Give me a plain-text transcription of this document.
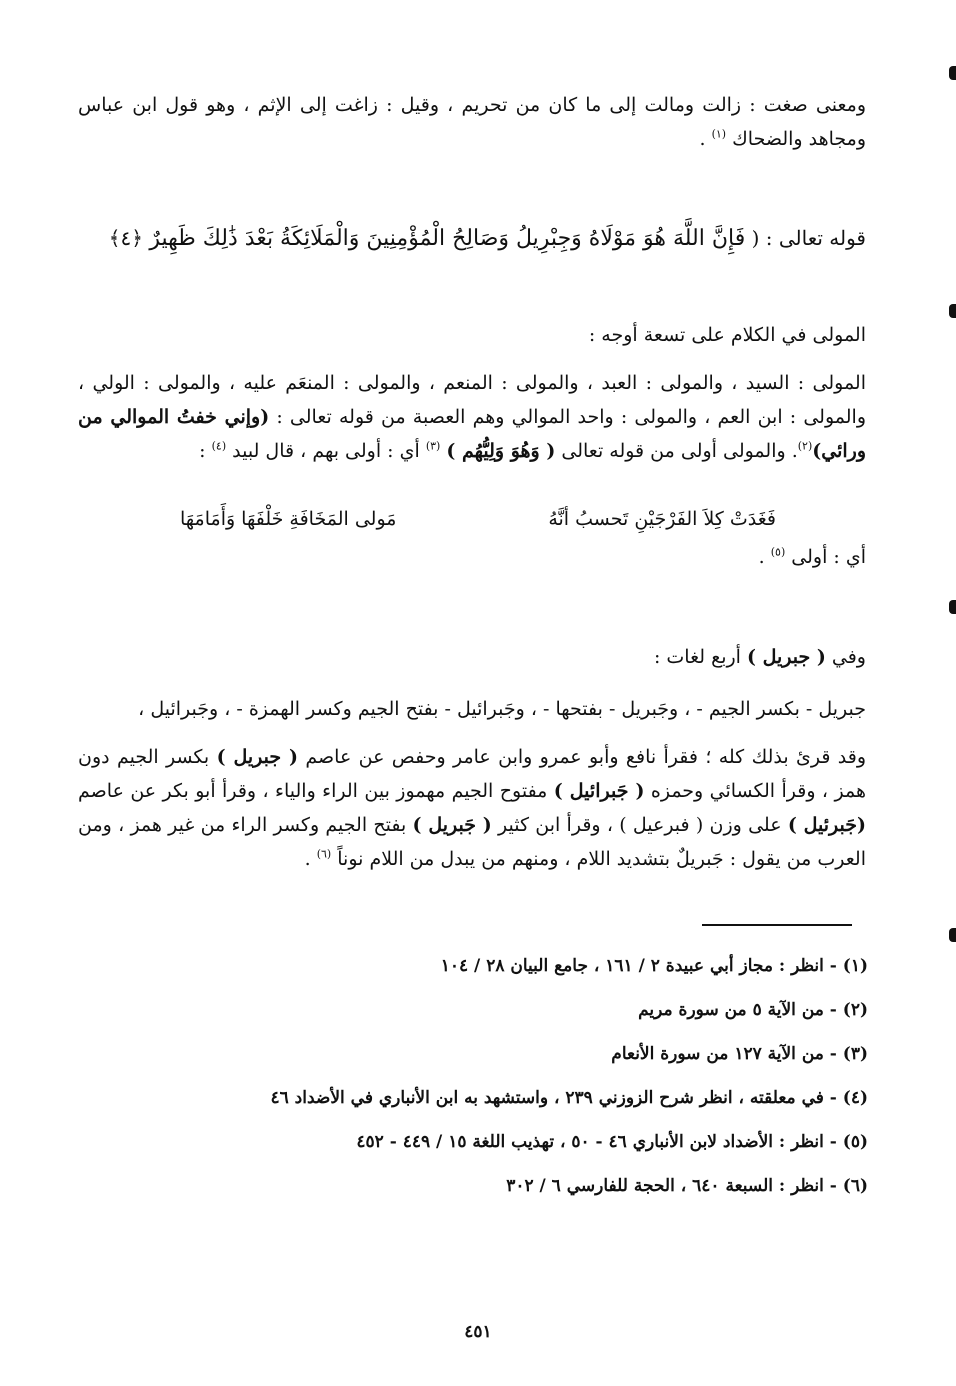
ومعنى صغت : زالت ومالت إلى ما كان من تحريم ، وقيل : زاغت إلى الإثم ، وهو قول ابن عباس ومجاهد والضحاك $^{(١)}$ .

قوله تعالى : ( فَإِنَّ اللَّهَ هُوَ مَوْلَاهُ وَجِبْرِيلُ وَصَالِحُ الْمُؤْمِنِينَ وَالْمَلَائِكَةُ بَعْدَ ذَٰلِكَ ظَهِيرٌ ﴿٤﴾

المولى في الكلام على تسعة أوجه :

المولى : السيد ، والمولى : العبد ، والمولى : المنعم ، والمولى : المنعَم عليه ، والمولى : الولي ، والمولى : ابن العم ، والمولى : واحد الموالي وهم العصبة من قوله تعالى : (وإني خفتُ الموالي من ورائي)$^{(٢)}$. والمولى أولى من قوله تعالى ( وَهُوَ وَلِيُّهُم ) $^{(٣)}$ أي : أولى بهم ، قال لبيد $^{(٤)}$ :

فَغَدَتْ كِلاَ الفَرْجَيْنِ تَحسبُ أنَّهُ
مَولى المَخَافَةِ خَلْفَهَا وَأَمَامَهَا

أي : أولى $^{(٥)}$ .

وفي ( جبريل ) أربع لغات :

جبريل - بكسر الجيم - ، وجَبريل - بفتحها - ، وجَبرائيل - بفتح الجيم وكسر الهمزة - ، وجَبرائيل ،

وقد قرئ بذلك كله ؛ فقرأ نافع وأبو عمرو وابن عامر وحفص عن عاصم ( جبريل ) بكسر الجيم دون همز ، وقرأ الكسائي وحمزه ( جَبرائيل ) مفتوح الجيم مهموز بين الراء والياء ، وقرأ أبو بكر عن عاصم (جَبرئيل ) على وزن ( فبرعيل ) ، وقرأ ابن كثير ( جَبريل ) بفتح الجيم وكسر الراء من غير همز ، ومن العرب من يقول : جَبريلٌ بتشديد اللام ، ومنهم من يبدل من اللام نوناً $^{(٦)}$ .

(١) - انظر : مجاز أبي عبيدة ٢ / ١٦١ ، جامع البيان ٢٨ / ١٠٤
(٢) - من الآية ٥ من سورة مريم
(٣) - من الآية ١٢٧ من سورة الأنعام
(٤) - في معلقته ، انظر شرح الزوزني ٢٣٩ ، واستشهد به ابن الأنباري في الأضداد ٤٦
(٥) - انظر : الأضداد لابن الأنباري ٤٦ - ٥٠ ، تهذيب اللغة ١٥ / ٤٤٩ - ٤٥٢
(٦) - انظر : السبعة ٦٤٠ ، الحجة للفارسي ٦ / ٣٠٢
٤٥١
